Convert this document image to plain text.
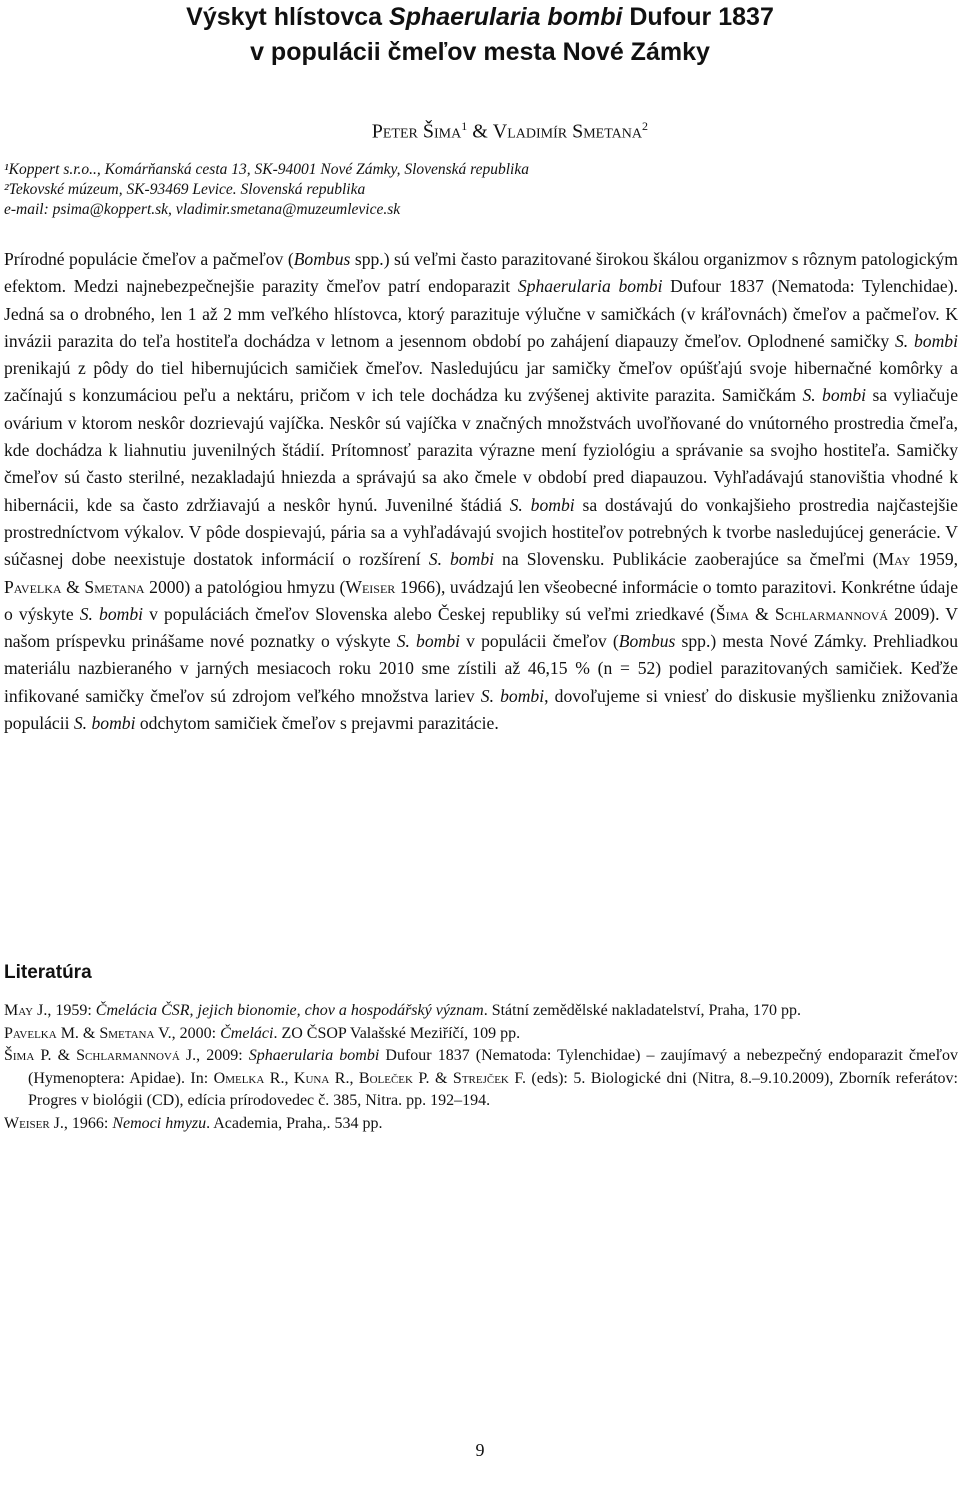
Výskyt hlístovca Sphaerularia bombi Dufour 1837
v populácii čmeľov mesta Nové Zámky
Peter Šima$^1$ & Vladimír Smetana$^2$
¹Koppert s.r.o.., Komárňanská cesta 13, SK-94001 Nové Zámky, Slovenská republika
²Tekovské múzeum, SK-93469 Levice. Slovenská republika
e-mail: psima@koppert.sk, vladimir.smetana@muzeumlevice.sk

Prírodné populácie čmeľov a pačmeľov (Bombus spp.) sú veľmi často parazitované širokou škálou organizmov s rôznym patologickým efektom. Medzi najnebezpečnejšie parazity čmeľov patrí endoparazit Sphaerularia bombi Dufour 1837 (Nematoda: Tylenchidae). Jedná sa o drobného, len 1 až 2 mm veľkého hlístovca, ktorý parazituje výlučne v samičkách (v kráľovnách) čmeľov a pačmeľov. K invázii parazita do teľa hostiteľa dochádza v letnom a jesennom období po zahájení diapauzy čmeľov. Oplodnené samičky S. bombi prenikajú z pôdy do tiel hibernujúcich samičiek čmeľov. Nasledujúcu jar samičky čmeľov opúšťajú svoje hibernačné komôrky a začínajú s konzumáciou peľu a nektáru, pričom v ich tele dochádza ku zvýšenej aktivite parazita. Samičkám S. bombi sa vyliačuje ovárium v ktorom neskôr dozrievajú vajíčka. Neskôr sú vajíčka v značných množstvách uvoľňované do vnútorného prostredia čmeľa, kde dochádza k liahnutiu juvenilných štádií. Prítomnosť parazita výrazne mení fyziológiu a správanie sa svojho hostiteľa. Samičky čmeľov sú často sterilné, nezakladajú hniezda a správajú sa ako čmele v období pred diapauzou. Vyhľadávajú stanovištia vhodné k hibernácii, kde sa často zdržiavajú a neskôr hynú. Juvenilné štádiá S. bombi sa dostávajú do vonkajšieho prostredia najčastejšie prostredníctvom výkalov. V pôde dospievajú, pária sa a vyhľadávajú svojich hostiteľov potrebných k tvorbe nasledujúcej generácie. V súčasnej dobe neexistuje dostatok informácií o rozšírení S. bombi na Slovensku. Publikácie zaoberajúce sa čmeľmi (May 1959, Pavelka & Smetana 2000) a patológiou hmyzu (Weiser 1966), uvádzajú len všeobecné informácie o tomto parazitovi. Konkrétne údaje o výskyte S. bombi v populáciách čmeľov Slovenska alebo Českej republiky sú veľmi zriedkavé (Šima & Schlarmannová 2009). V našom príspevku prinášame nové poznatky o výskyte S. bombi v populácii čmeľov (Bombus spp.) mesta Nové Zámky. Prehliadkou materiálu nazbieraného v jarných mesiacoch roku 2010 sme zístili až 46,15 % (n = 52) podiel parazitovaných samičiek. Keďže infikované samičky čmeľov sú zdrojom veľkého množstva lariev S. bombi, dovoľujeme si vniesť do diskusie myšlienku znižovania populácii S. bombi odchytom samičiek čmeľov s prejavmi parazitácie.

Literatúra
May J., 1959: Čmelácia ČSR, jejich bionomie, chov a hospodářský význam. Státní zemědělské nakladatelství, Praha, 170 pp.
Pavelka M. & Smetana V., 2000: Čmeláci. ZO ČSOP Valašské Meziříčí, 109 pp.
Šima P. & Schlarmannová J., 2009: Sphaerularia bombi Dufour 1837 (Nematoda: Tylenchidae) – zaujímavý a nebezpečný endoparazit čmeľov (Hymenoptera: Apidae). In: Omelka R., Kuna R., Boleček P. & Strejček F. (eds): 5. Biologické dni (Nitra, 8.–9.10.2009), Zborník referátov: Progres v biológii (CD), edícia prírodovedec č. 385, Nitra. pp. 192–194.
Weiser J., 1966: Nemoci hmyzu. Academia, Praha,. 534 pp.
9
